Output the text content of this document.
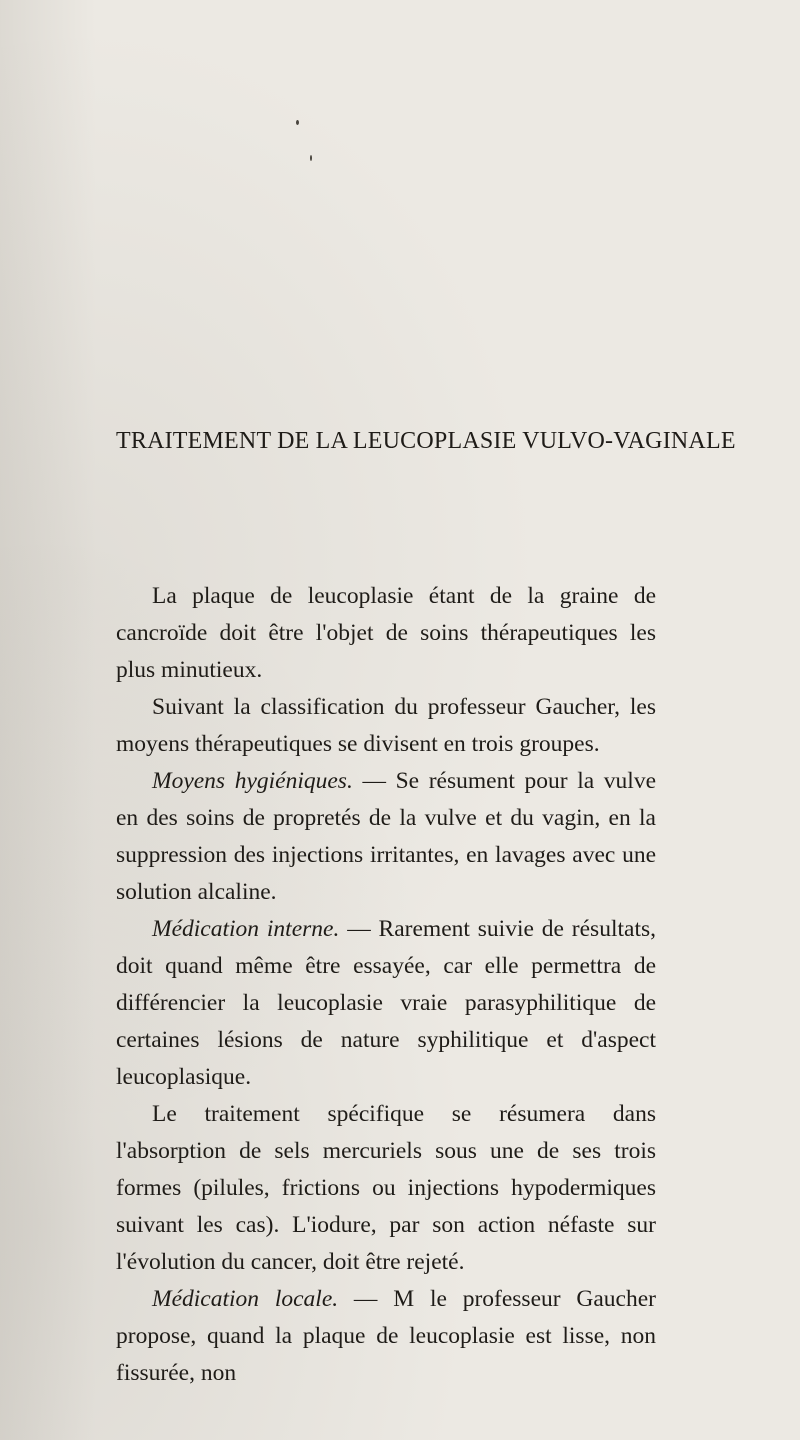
TRAITEMENT DE LA LEUCOPLASIE VULVO-VAGINALE

La plaque de leucoplasie étant de la graine de cancroïde doit être l'objet de soins thérapeutiques les plus minutieux.

Suivant la classification du professeur Gaucher, les moyens thérapeutiques se divisent en trois groupes.

Moyens hygiéniques. — Se résument pour la vulve en des soins de propretés de la vulve et du vagin, en la suppression des injections irritantes, en lavages avec une solution alcaline.

Médication interne. — Rarement suivie de résultats, doit quand même être essayée, car elle permettra de différencier la leucoplasie vraie parasyphilitique de certaines lésions de nature syphilitique et d'aspect leucoplasique.

Le traitement spécifique se résumera dans l'absorption de sels mercuriels sous une de ses trois formes (pilules, frictions ou injections hypodermiques suivant les cas). L'iodure, par son action néfaste sur l'évolution du cancer, doit être rejeté.

Médication locale. — M le professeur Gaucher propose, quand la plaque de leucoplasie est lisse, non fissurée, non
